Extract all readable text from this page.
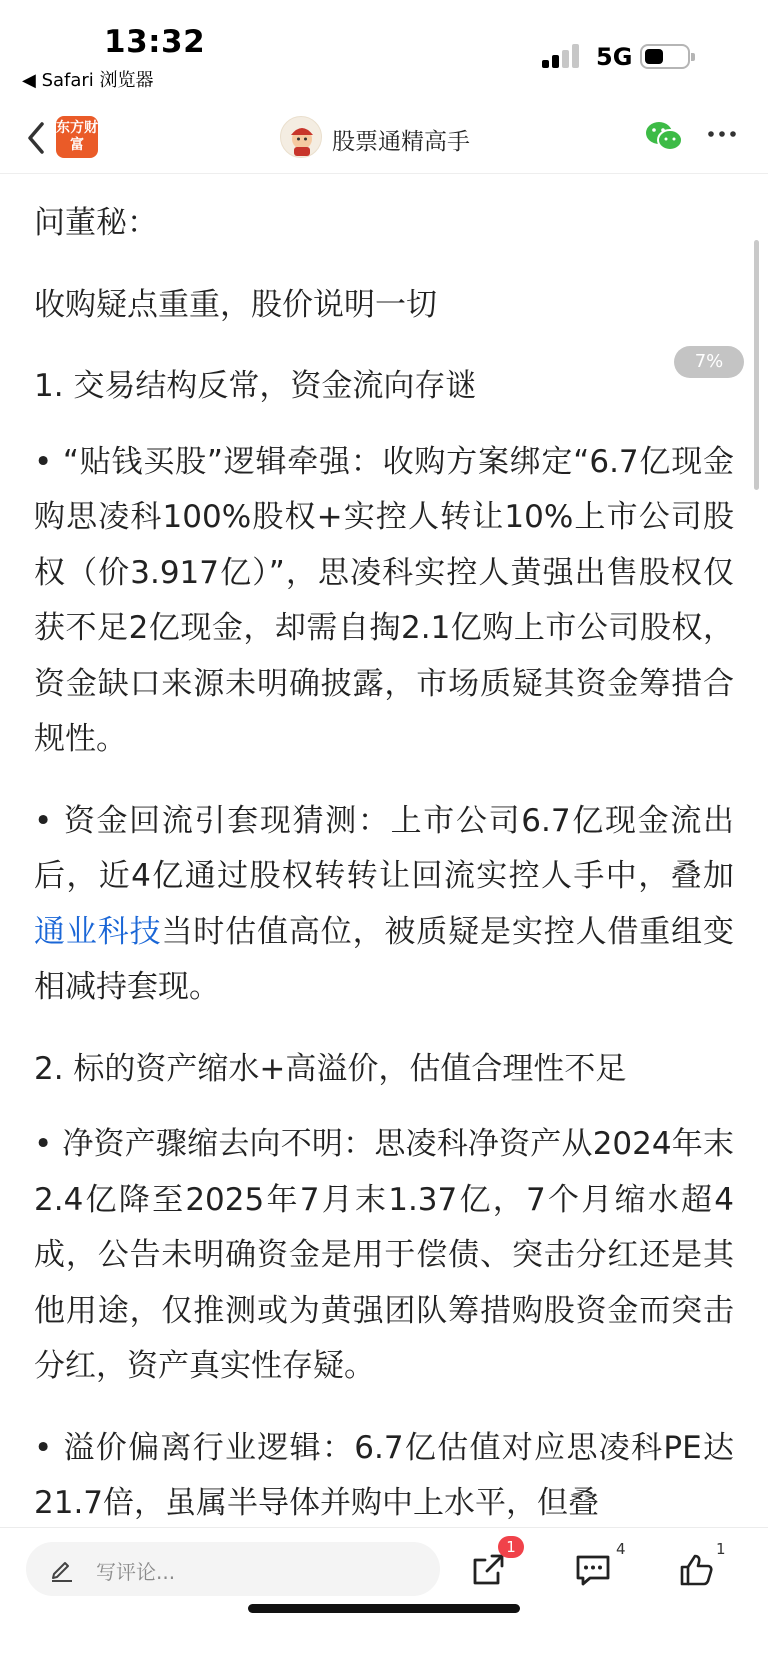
13:32
◀ Safari 浏览器
5G
东方财富	股票通精高手

问董秘：

收购疑点重重，股价说明一切

1. 交易结构反常，资金流向存谜

• “贴钱买股”逻辑牵强：收购方案绑定“6.7亿现金购思凌科100%股权+实控人转让10%上市公司股权（价3.917亿）”，思凌科实控人黄强出售股权仅获不足2亿现金，却需自掏2.1亿购上市公司股权，资金缺口来源未明确披露，市场质疑其资金筹措合规性。

• 资金回流引套现猜测：上市公司6.7亿现金流出后，近4亿通过股权转转让回流实控人手中，叠加通业科技当时估值高位，被质疑是实控人借重组变相减持套现。

2. 标的资产缩水+高溢价，估值合理性不足

• 净资产骤缩去向不明：思凌科净资产从2024年末2.4亿降至2025年7月末1.37亿，7个月缩水超4成，公告未明确资金是用于偿债、突击分红还是其他用途，仅推测或为黄强团队筹措购股资金而突击分红，资产真实性存疑。

• 溢价偏离行业逻辑：6.7亿估值对应思凌科PE达21.7倍，虽属半导体并购中上水平，但叠

7%
写评论...
1	4	1
